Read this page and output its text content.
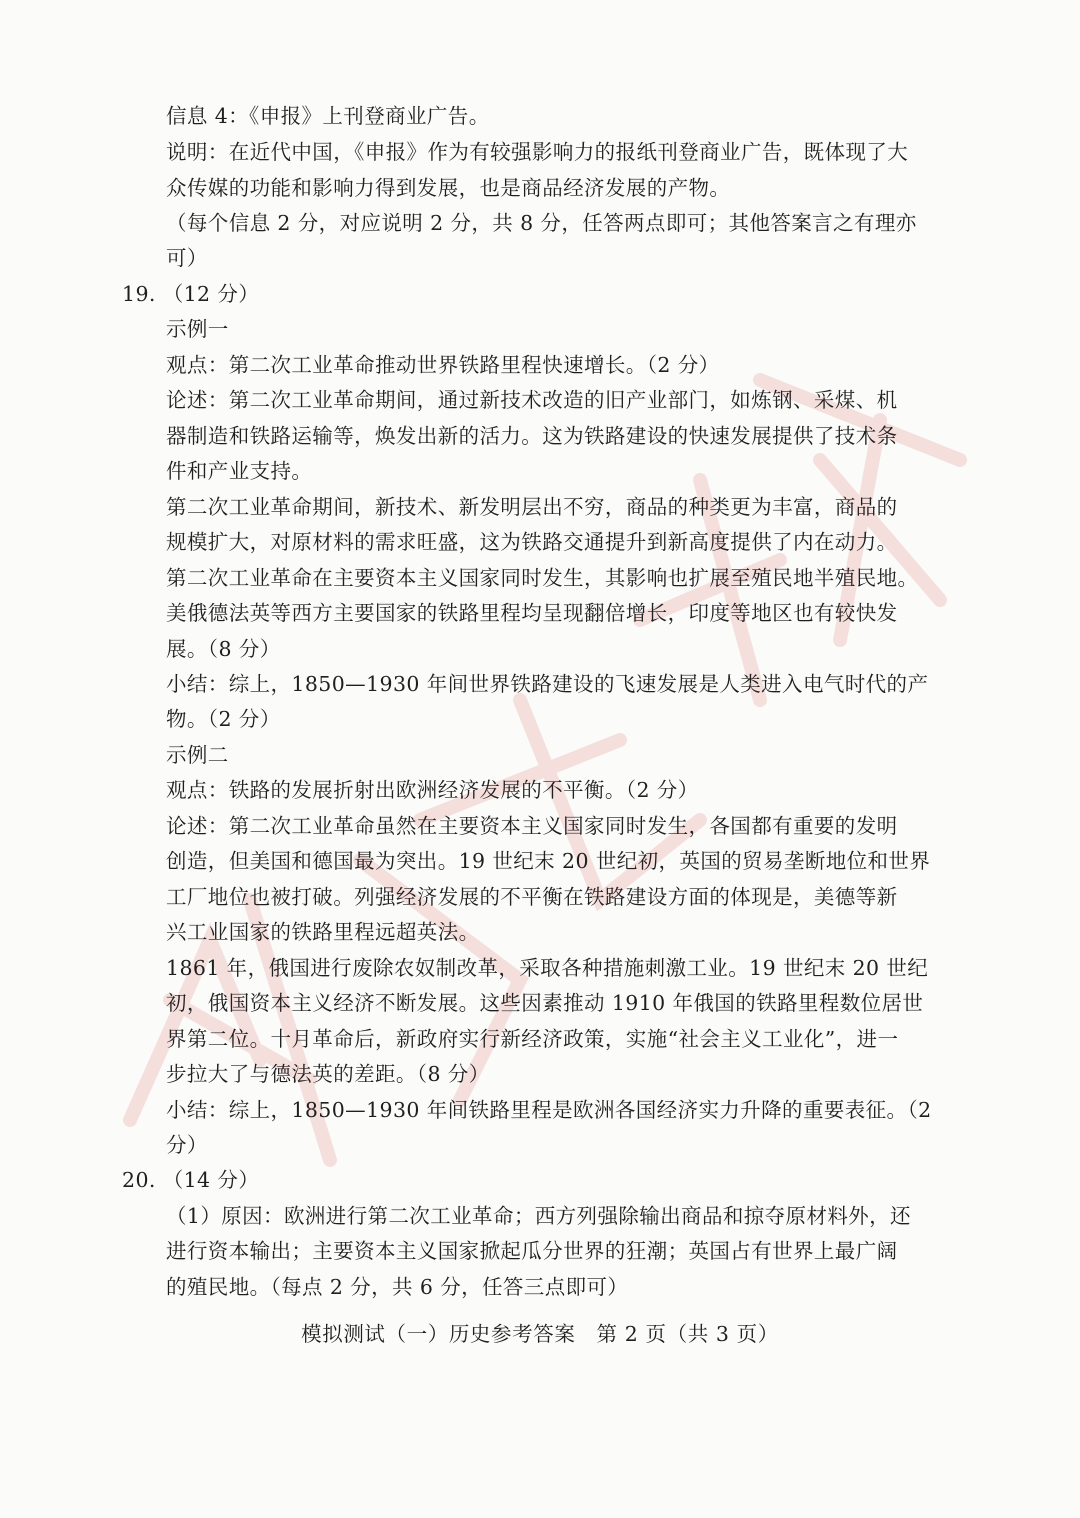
信息 4：《申报》上刊登商业广告。
说明：在近代中国，《申报》作为有较强影响力的报纸刊登商业广告，既体现了大
众传媒的功能和影响力得到发展，也是商品经济发展的产物。
（每个信息 2 分，对应说明 2 分，共 8 分，任答两点即可；其他答案言之有理亦
可）
19. （12 分）
示例一
观点：第二次工业革命推动世界铁路里程快速增长。（2 分）
论述：第二次工业革命期间，通过新技术改造的旧产业部门，如炼钢、采煤、机
器制造和铁路运输等，焕发出新的活力。这为铁路建设的快速发展提供了技术条
件和产业支持。
第二次工业革命期间，新技术、新发明层出不穷，商品的种类更为丰富，商品的
规模扩大，对原材料的需求旺盛，这为铁路交通提升到新高度提供了内在动力。
第二次工业革命在主要资本主义国家同时发生，其影响也扩展至殖民地半殖民地。
美俄德法英等西方主要国家的铁路里程均呈现翻倍增长，印度等地区也有较快发
展。（8 分）
小结：综上，1850—1930 年间世界铁路建设的飞速发展是人类进入电气时代的产
物。（2 分）
示例二
观点：铁路的发展折射出欧洲经济发展的不平衡。（2 分）
论述：第二次工业革命虽然在主要资本主义国家同时发生，各国都有重要的发明
创造，但美国和德国最为突出。19 世纪末 20 世纪初，英国的贸易垄断地位和世界
工厂地位也被打破。列强经济发展的不平衡在铁路建设方面的体现是，美德等新
兴工业国家的铁路里程远超英法。
1861 年，俄国进行废除农奴制改革，采取各种措施刺激工业。19 世纪末 20 世纪
初，俄国资本主义经济不断发展。这些因素推动 1910 年俄国的铁路里程数位居世
界第二位。十月革命后，新政府实行新经济政策，实施“社会主义工业化”，进一
步拉大了与德法英的差距。（8 分）
小结：综上，1850—1930 年间铁路里程是欧洲各国经济实力升降的重要表征。（2
分）
20. （14 分）
（1）原因：欧洲进行第二次工业革命；西方列强除输出商品和掠夺原材料外，还
进行资本输出；主要资本主义国家掀起瓜分世界的狂潮；英国占有世界上最广阔
的殖民地。（每点 2 分，共 6 分，任答三点即可）
模拟测试（一）历史参考答案　第 2 页（共 3 页）
